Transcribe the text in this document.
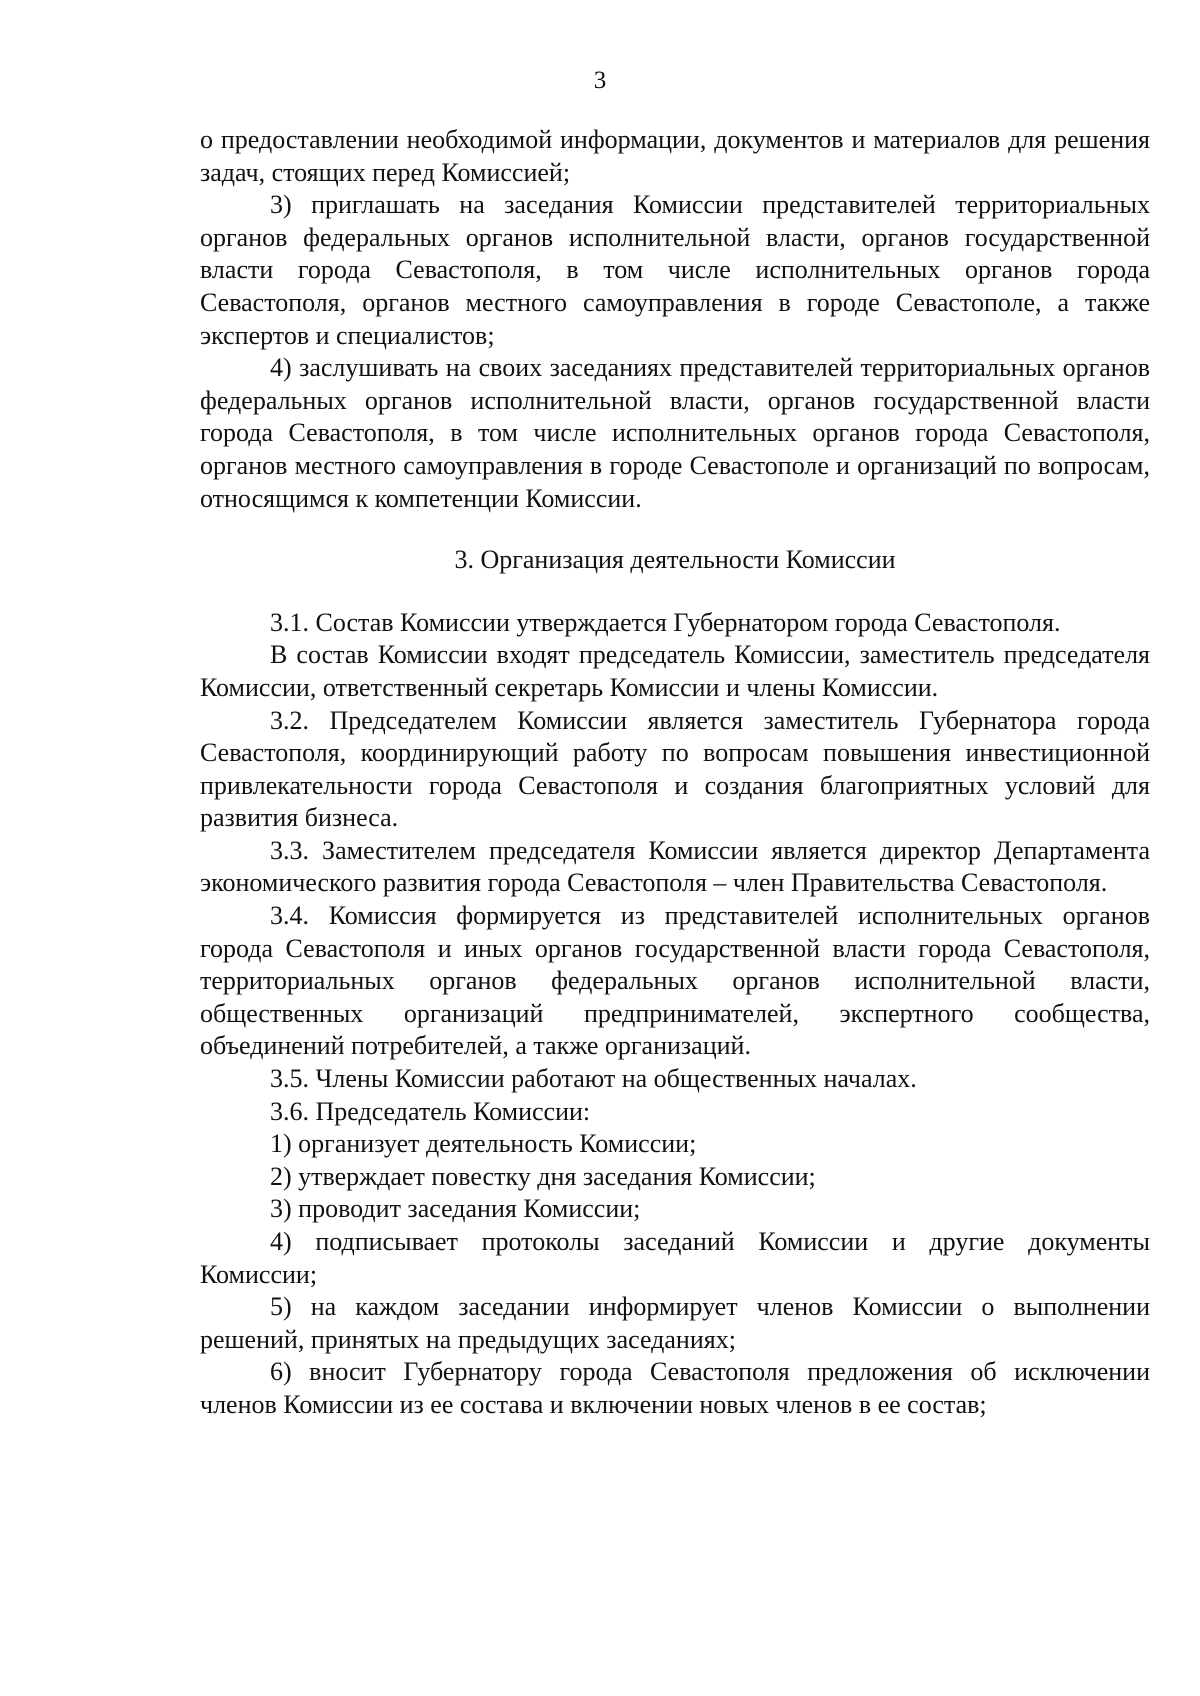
3

о предоставлении необходимой информации, документов и материалов для решения задач, стоящих перед Комиссией;

3) приглашать на заседания Комиссии представителей территориальных органов федеральных органов исполнительной власти, органов государственной власти города Севастополя, в том числе исполнительных органов города Севастополя, органов местного самоуправления в городе Севастополе, а также экспертов и специалистов;

4) заслушивать на своих заседаниях представителей территориальных органов федеральных органов исполнительной власти, органов государственной власти города Севастополя, в том числе исполнительных органов города Севастополя, органов местного самоуправления в городе Севастополе и организаций по вопросам, относящимся к компетенции Комиссии.

3. Организация деятельности Комиссии

3.1. Состав Комиссии утверждается Губернатором города Севастополя.

В состав Комиссии входят председатель Комиссии, заместитель председателя Комиссии, ответственный секретарь Комиссии и члены Комиссии.

3.2. Председателем Комиссии является заместитель Губернатора города Севастополя, координирующий работу по вопросам повышения инвестиционной привлекательности города Севастополя и создания благоприятных условий для развития бизнеса.

3.3. Заместителем председателя Комиссии является директор Департамента экономического развития города Севастополя – член Правительства Севастополя.

3.4. Комиссия формируется из представителей исполнительных органов города Севастополя и иных органов государственной власти города Севастополя, территориальных органов федеральных органов исполнительной власти, общественных организаций предпринимателей, экспертного сообщества, объединений потребителей, а также организаций.

3.5. Члены Комиссии работают на общественных началах.

3.6. Председатель Комиссии:

1) организует деятельность Комиссии;

2) утверждает повестку дня заседания Комиссии;

3) проводит заседания Комиссии;

4) подписывает протоколы заседаний Комиссии и другие документы Комиссии;

5) на каждом заседании информирует членов Комиссии о выполнении решений, принятых на предыдущих заседаниях;

6) вносит Губернатору города Севастополя предложения об исключении членов Комиссии из ее состава и включении новых членов в ее состав;
